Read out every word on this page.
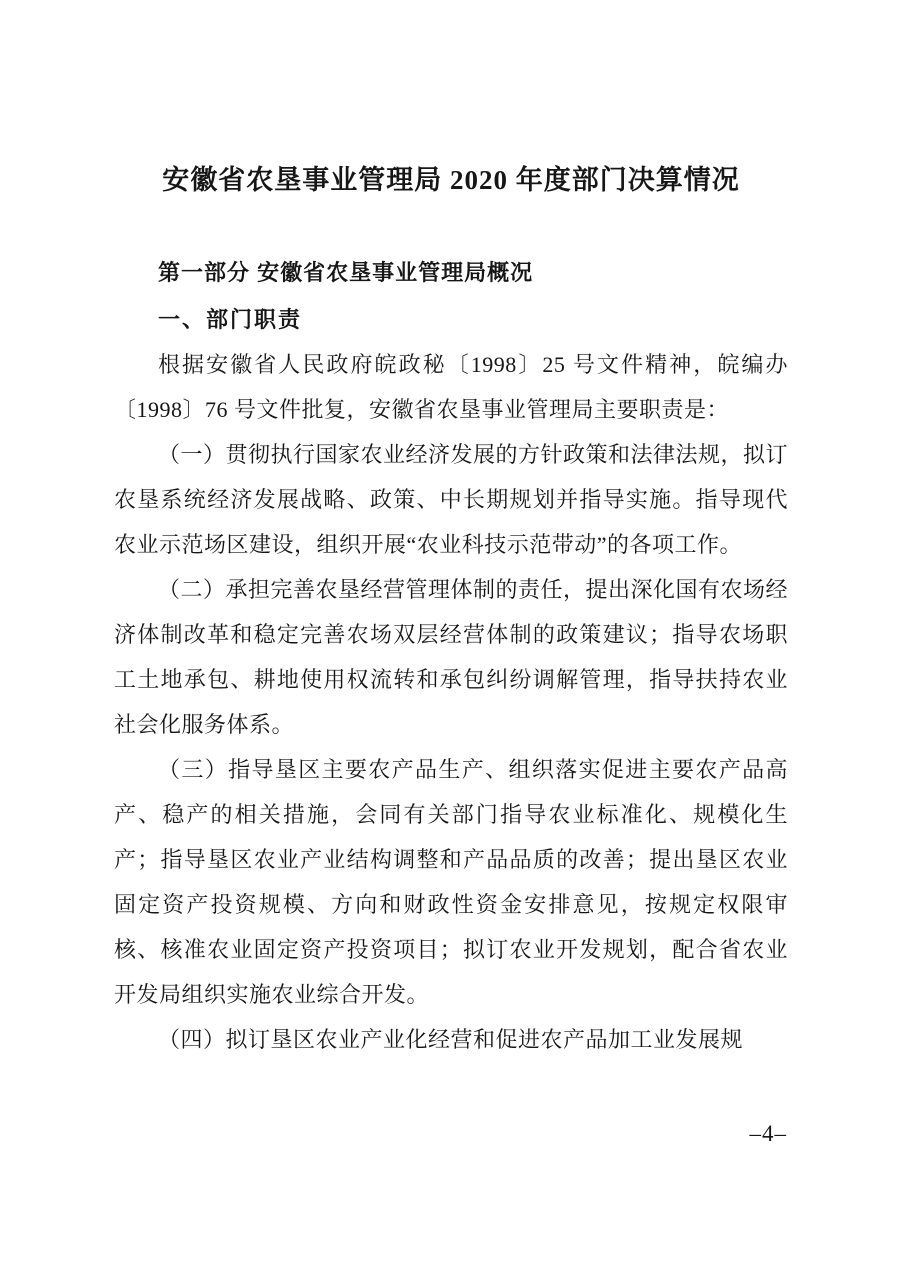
安徽省农垦事业管理局 2020 年度部门决算情况
第一部分 安徽省农垦事业管理局概况
一、部门职责

根据安徽省人民政府皖政秘〔1998〕25 号文件精神，皖编办〔1998〕76 号文件批复，安徽省农垦事业管理局主要职责是：

（一）贯彻执行国家农业经济发展的方针政策和法律法规，拟订农垦系统经济发展战略、政策、中长期规划并指导实施。指导现代农业示范场区建设，组织开展“农业科技示范带动”的各项工作。

（二）承担完善农垦经营管理体制的责任，提出深化国有农场经济体制改革和稳定完善农场双层经营体制的政策建议；指导农场职工土地承包、耕地使用权流转和承包纠纷调解管理，指导扶持农业社会化服务体系。

（三）指导垦区主要农产品生产、组织落实促进主要农产品高产、稳产的相关措施，会同有关部门指导农业标准化、规模化生产；指导垦区农业产业结构调整和产品品质的改善；提出垦区农业固定资产投资规模、方向和财政性资金安排意见，按规定权限审核、核准农业固定资产投资项目；拟订农业开发规划，配合省农业开发局组织实施农业综合开发。

（四）拟订垦区农业产业化经营和促进农产品加工业发展规

–4–
